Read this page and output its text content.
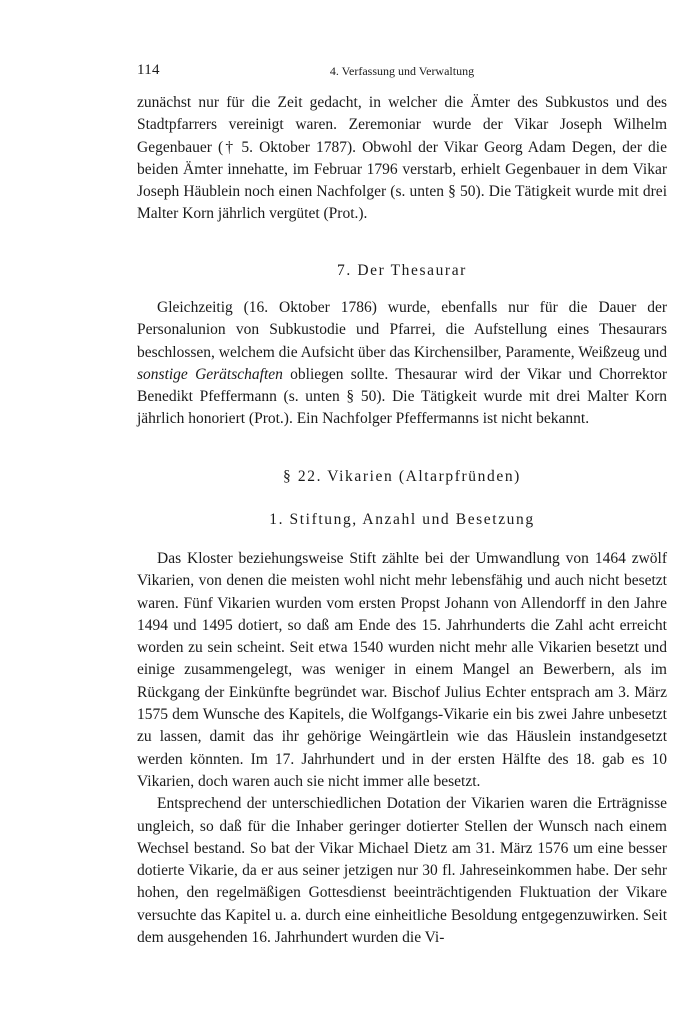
114	4. Verfassung und Verwaltung

zunächst nur für die Zeit gedacht, in welcher die Ämter des Subkustos und des Stadtpfarrers vereinigt waren. Zeremoniar wurde der Vikar Joseph Wilhelm Gegenbauer († 5. Oktober 1787). Obwohl der Vikar Georg Adam Degen, der die beiden Ämter innehatte, im Februar 1796 verstarb, erhielt Gegenbauer in dem Vikar Joseph Häublein noch einen Nachfolger (s. unten § 50). Die Tätigkeit wurde mit drei Malter Korn jährlich vergütet (Prot.).

7. Der Thesaurar

Gleichzeitig (16. Oktober 1786) wurde, ebenfalls nur für die Dauer der Personalunion von Subkustodie und Pfarrei, die Aufstellung eines Thesaurars beschlossen, welchem die Aufsicht über das Kirchensilber, Paramente, Weißzeug und sonstige Gerätschaften obliegen sollte. Thesaurar wird der Vikar und Chorrektor Benedikt Pfeffermann (s. unten § 50). Die Tätigkeit wurde mit drei Malter Korn jährlich honoriert (Prot.). Ein Nachfolger Pfeffermanns ist nicht bekannt.

§ 22. Vikarien (Altarpfründen)
1. Stiftung, Anzahl und Besetzung

Das Kloster beziehungsweise Stift zählte bei der Umwandlung von 1464 zwölf Vikarien, von denen die meisten wohl nicht mehr lebensfähig und auch nicht besetzt waren. Fünf Vikarien wurden vom ersten Propst Johann von Allendorff in den Jahre 1494 und 1495 dotiert, so daß am Ende des 15. Jahrhunderts die Zahl acht erreicht worden zu sein scheint. Seit etwa 1540 wurden nicht mehr alle Vikarien besetzt und einige zusammengelegt, was weniger in einem Mangel an Bewerbern, als im Rückgang der Einkünfte begründet war. Bischof Julius Echter entsprach am 3. März 1575 dem Wunsche des Kapitels, die Wolfgangs-Vikarie ein bis zwei Jahre unbesetzt zu lassen, damit das ihr gehörige Weingärtlein wie das Häuslein instandgesetzt werden könnten. Im 17. Jahrhundert und in der ersten Hälfte des 18. gab es 10 Vikarien, doch waren auch sie nicht immer alle besetzt.

Entsprechend der unterschiedlichen Dotation der Vikarien waren die Erträgnisse ungleich, so daß für die Inhaber geringer dotierter Stellen der Wunsch nach einem Wechsel bestand. So bat der Vikar Michael Dietz am 31. März 1576 um eine besser dotierte Vikarie, da er aus seiner jetzigen nur 30 fl. Jahreseinkommen habe. Der sehr hohen, den regelmäßigen Gottesdienst beeinträchtigenden Fluktuation der Vikare versuchte das Kapitel u. a. durch eine einheitliche Besoldung entgegenzuwirken. Seit dem ausgehenden 16. Jahrhundert wurden die Vi-
